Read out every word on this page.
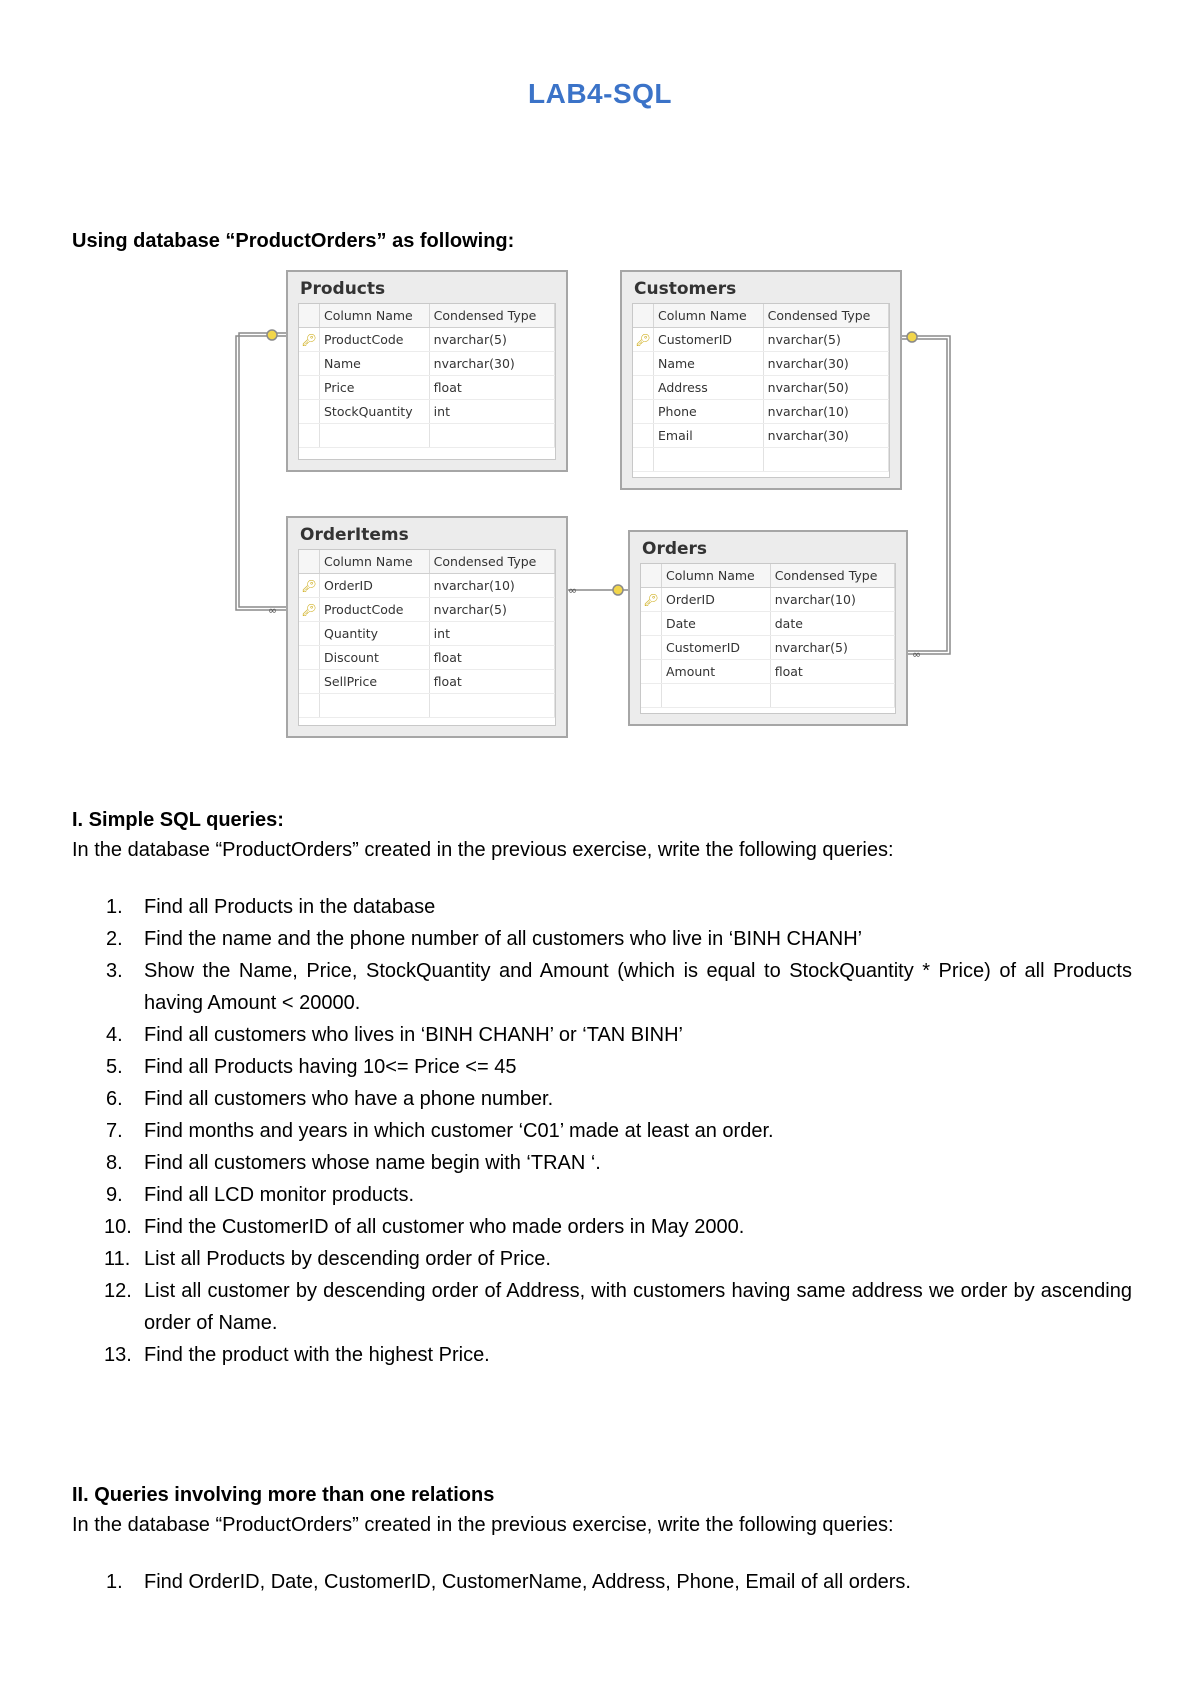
LAB4-SQL
Using database “ProductOrders” as following:
∞
∞
∞
Products
	Column Name	Condensed Type
🔑︎	ProductCode	nvarchar(5)
	Name	nvarchar(30)
	Price	float
	StockQuantity	int

Customers
	Column Name	Condensed Type
🔑︎	CustomerID	nvarchar(5)
	Name	nvarchar(30)
	Address	nvarchar(50)
	Phone	nvarchar(10)
	Email	nvarchar(30)

OrderItems
	Column Name	Condensed Type
🔑︎	OrderID	nvarchar(10)
🔑︎	ProductCode	nvarchar(5)
	Quantity	int
	Discount	float
	SellPrice	float

Orders
	Column Name	Condensed Type
🔑︎	OrderID	nvarchar(10)
	Date	date
	CustomerID	nvarchar(5)
	Amount	float

I. Simple SQL queries:
In the database “ProductOrders” created in the previous exercise, write the following queries:
1. Find all Products in the database
2. Find the name and the phone number of all customers who live in ‘BINH CHANH’
3. Show the Name, Price, StockQuantity and Amount (which is equal to StockQuantity * Price) of all Products having Amount < 20000.
4. Find all customers who lives in ‘BINH CHANH’ or ‘TAN BINH’
5. Find all Products having 10<= Price <= 45
6. Find all customers who have a phone number.
7. Find months and years in which customer ‘C01’ made at least an order.
8. Find all customers whose name begin with ‘TRAN ‘.
9. Find all LCD monitor products.
10. Find the CustomerID of all customer who made orders in May 2000.
11. List all Products by descending order of Price.
12. List all customer by descending order of Address, with customers having same address we order by ascending order of Name.
13. Find the product with the highest Price.
II. Queries involving more than one relations
In the database “ProductOrders” created in the previous exercise, write the following queries:
1. Find OrderID, Date, CustomerID, CustomerName, Address, Phone, Email of all orders.
